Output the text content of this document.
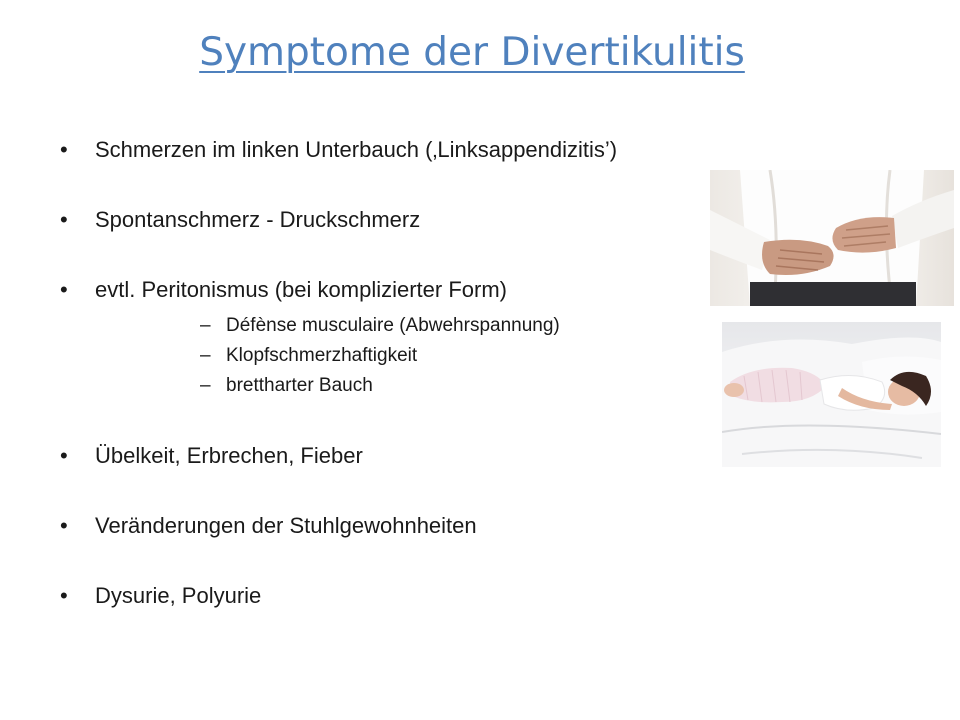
Symptome der Divertikulitis
• Schmerzen im linken Unterbauch (‚Linksappendizitis’)
• Spontanschmerz - Druckschmerz
• evtl. Peritonismus (bei komplizierter Form)
– Défènse musculaire (Abwehrspannung)
– Klopfschmerzhaftigkeit
– brettharter Bauch
• Übelkeit, Erbrechen, Fieber
• Veränderungen der Stuhlgewohnheiten
• Dysurie, Polyurie
